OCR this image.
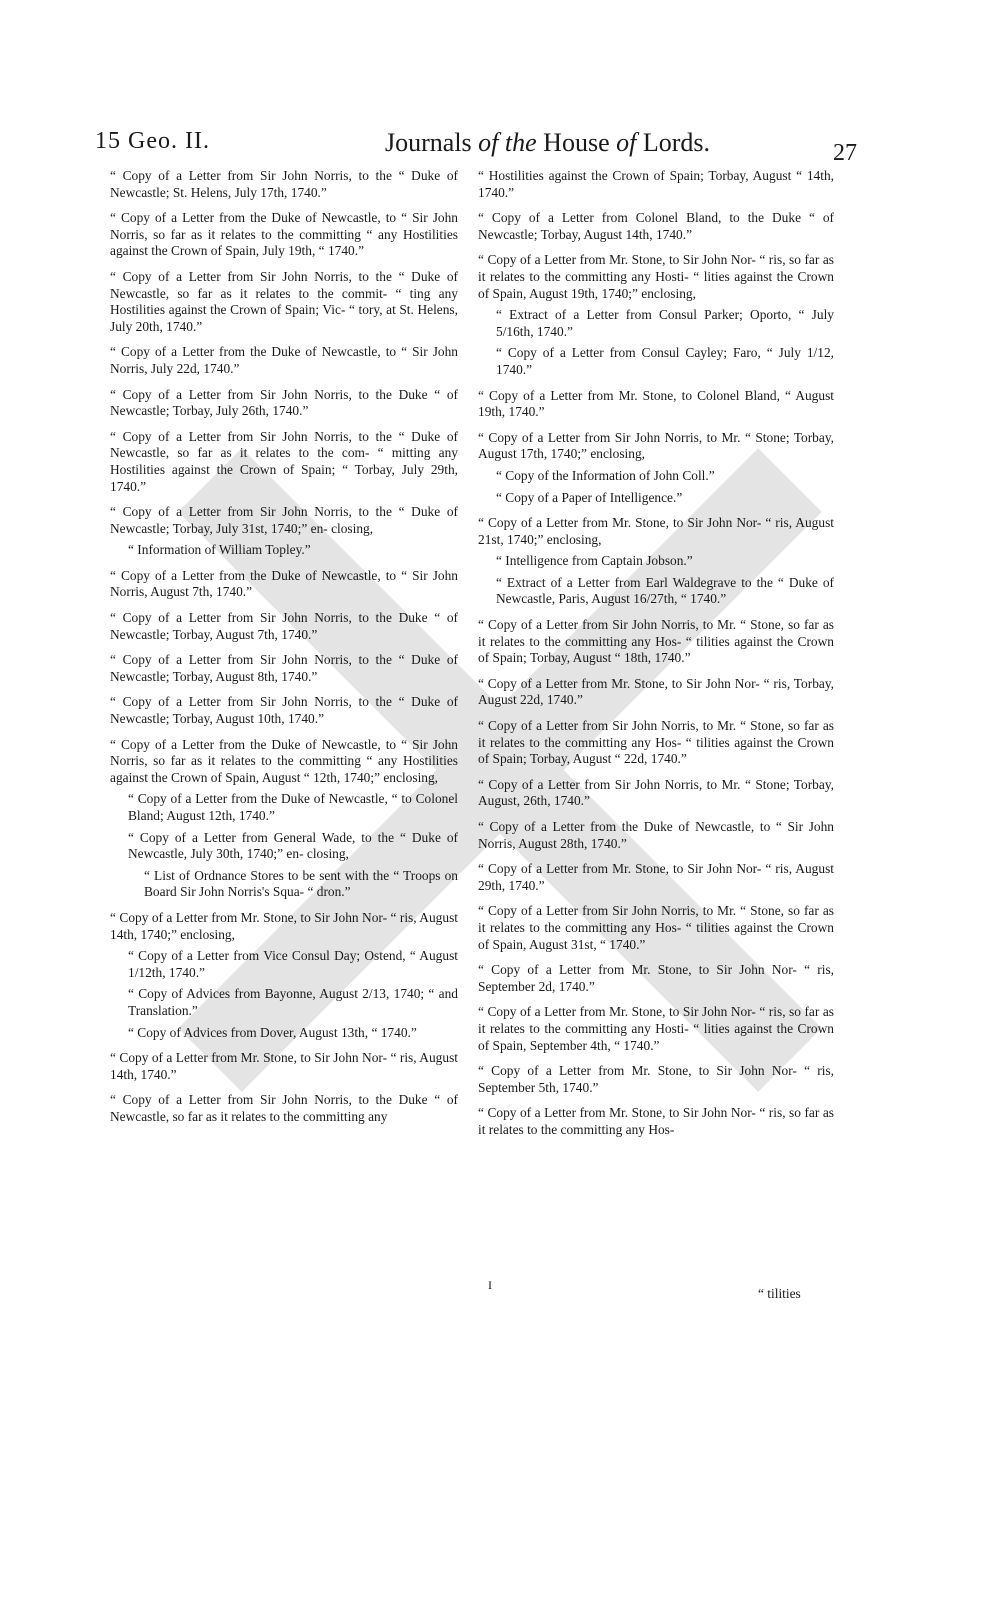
15 Geo. II.	Journals of the House of Lords.	27

“ Copy of a Letter from Sir John Norris, to the “ Duke of Newcastle; St. Helens, July 17th, 1740.”

“ Copy of a Letter from the Duke of Newcastle, to “ Sir John Norris, so far as it relates to the committing “ any Hostilities against the Crown of Spain, July 19th, “ 1740.”

“ Copy of a Letter from Sir John Norris, to the “ Duke of Newcastle, so far as it relates to the commit- “ ting any Hostilities against the Crown of Spain; Vic- “ tory, at St. Helens, July 20th, 1740.”

“ Copy of a Letter from the Duke of Newcastle, to “ Sir John Norris, July 22d, 1740.”

“ Copy of a Letter from Sir John Norris, to the Duke “ of Newcastle; Torbay, July 26th, 1740.”

“ Copy of a Letter from Sir John Norris, to the “ Duke of Newcastle, so far as it relates to the com- “ mitting any Hostilities against the Crown of Spain; “ Torbay, July 29th, 1740.”

“ Copy of a Letter from Sir John Norris, to the “ Duke of Newcastle; Torbay, July 31st, 1740;” en- closing,

“ Information of William Topley.”

“ Copy of a Letter from the Duke of Newcastle, to “ Sir John Norris, August 7th, 1740.”

“ Copy of a Letter from Sir John Norris, to the Duke “ of Newcastle; Torbay, August 7th, 1740.”

“ Copy of a Letter from Sir John Norris, to the “ Duke of Newcastle; Torbay, August 8th, 1740.”

“ Copy of a Letter from Sir John Norris, to the “ Duke of Newcastle; Torbay, August 10th, 1740.”

“ Copy of a Letter from the Duke of Newcastle, to “ Sir John Norris, so far as it relates to the committing “ any Hostilities against the Crown of Spain, August “ 12th, 1740;” enclosing,

“ Copy of a Letter from the Duke of Newcastle, “ to Colonel Bland; August 12th, 1740.”

“ Copy of a Letter from General Wade, to the “ Duke of Newcastle, July 30th, 1740;” en- closing,

“ List of Ordnance Stores to be sent with the “ Troops on Board Sir John Norris's Squa- “ dron.”

“ Copy of a Letter from Mr. Stone, to Sir John Nor- “ ris, August 14th, 1740;” enclosing,

“ Copy of a Letter from Vice Consul Day; Ostend, “ August 1/12th, 1740.”

“ Copy of Advices from Bayonne, August 2/13, 1740; “ and Translation.”

“ Copy of Advices from Dover, August 13th, “ 1740.”

“ Copy of a Letter from Mr. Stone, to Sir John Nor- “ ris, August 14th, 1740.”

“ Copy of a Letter from Sir John Norris, to the Duke “ of Newcastle, so far as it relates to the committing any

“ Hostilities against the Crown of Spain; Torbay, August “ 14th, 1740.”

“ Copy of a Letter from Colonel Bland, to the Duke “ of Newcastle; Torbay, August 14th, 1740.”

“ Copy of a Letter from Mr. Stone, to Sir John Nor- “ ris, so far as it relates to the committing any Hosti- “ lities against the Crown of Spain, August 19th, 1740;” enclosing,

“ Extract of a Letter from Consul Parker; Oporto, “ July 5/16th, 1740.”

“ Copy of a Letter from Consul Cayley; Faro, “ July 1/12, 1740.”

“ Copy of a Letter from Mr. Stone, to Colonel Bland, “ August 19th, 1740.”

“ Copy of a Letter from Sir John Norris, to Mr. “ Stone; Torbay, August 17th, 1740;” enclosing,

“ Copy of the Information of John Coll.”

“ Copy of a Paper of Intelligence.”

“ Copy of a Letter from Mr. Stone, to Sir John Nor- “ ris, August 21st, 1740;” enclosing,

“ Intelligence from Captain Jobson.”

“ Extract of a Letter from Earl Waldegrave to the “ Duke of Newcastle, Paris, August 16/27th, “ 1740.”

“ Copy of a Letter from Sir John Norris, to Mr. “ Stone, so far as it relates to the committing any Hos- “ tilities against the Crown of Spain; Torbay, August “ 18th, 1740.”

“ Copy of a Letter from Mr. Stone, to Sir John Nor- “ ris, Torbay, August 22d, 1740.”

“ Copy of a Letter from Sir John Norris, to Mr. “ Stone, so far as it relates to the committing any Hos- “ tilities against the Crown of Spain; Torbay, August “ 22d, 1740.”

“ Copy of a Letter from Sir John Norris, to Mr. “ Stone; Torbay, August, 26th, 1740.”

“ Copy of a Letter from the Duke of Newcastle, to “ Sir John Norris, August 28th, 1740.”

“ Copy of a Letter from Mr. Stone, to Sir John Nor- “ ris, August 29th, 1740.”

“ Copy of a Letter from Sir John Norris, to Mr. “ Stone, so far as it relates to the committing any Hos- “ tilities against the Crown of Spain, August 31st, “ 1740.”

“ Copy of a Letter from Mr. Stone, to Sir John Nor- “ ris, September 2d, 1740.”

“ Copy of a Letter from Mr. Stone, to Sir John Nor- “ ris, so far as it relates to the committing any Hosti- “ lities against the Crown of Spain, September 4th, “ 1740.”

“ Copy of a Letter from Mr. Stone, to Sir John Nor- “ ris, September 5th, 1740.”

“ Copy of a Letter from Mr. Stone, to Sir John Nor- “ ris, so far as it relates to the committing any Hos-

I
“ tilities
